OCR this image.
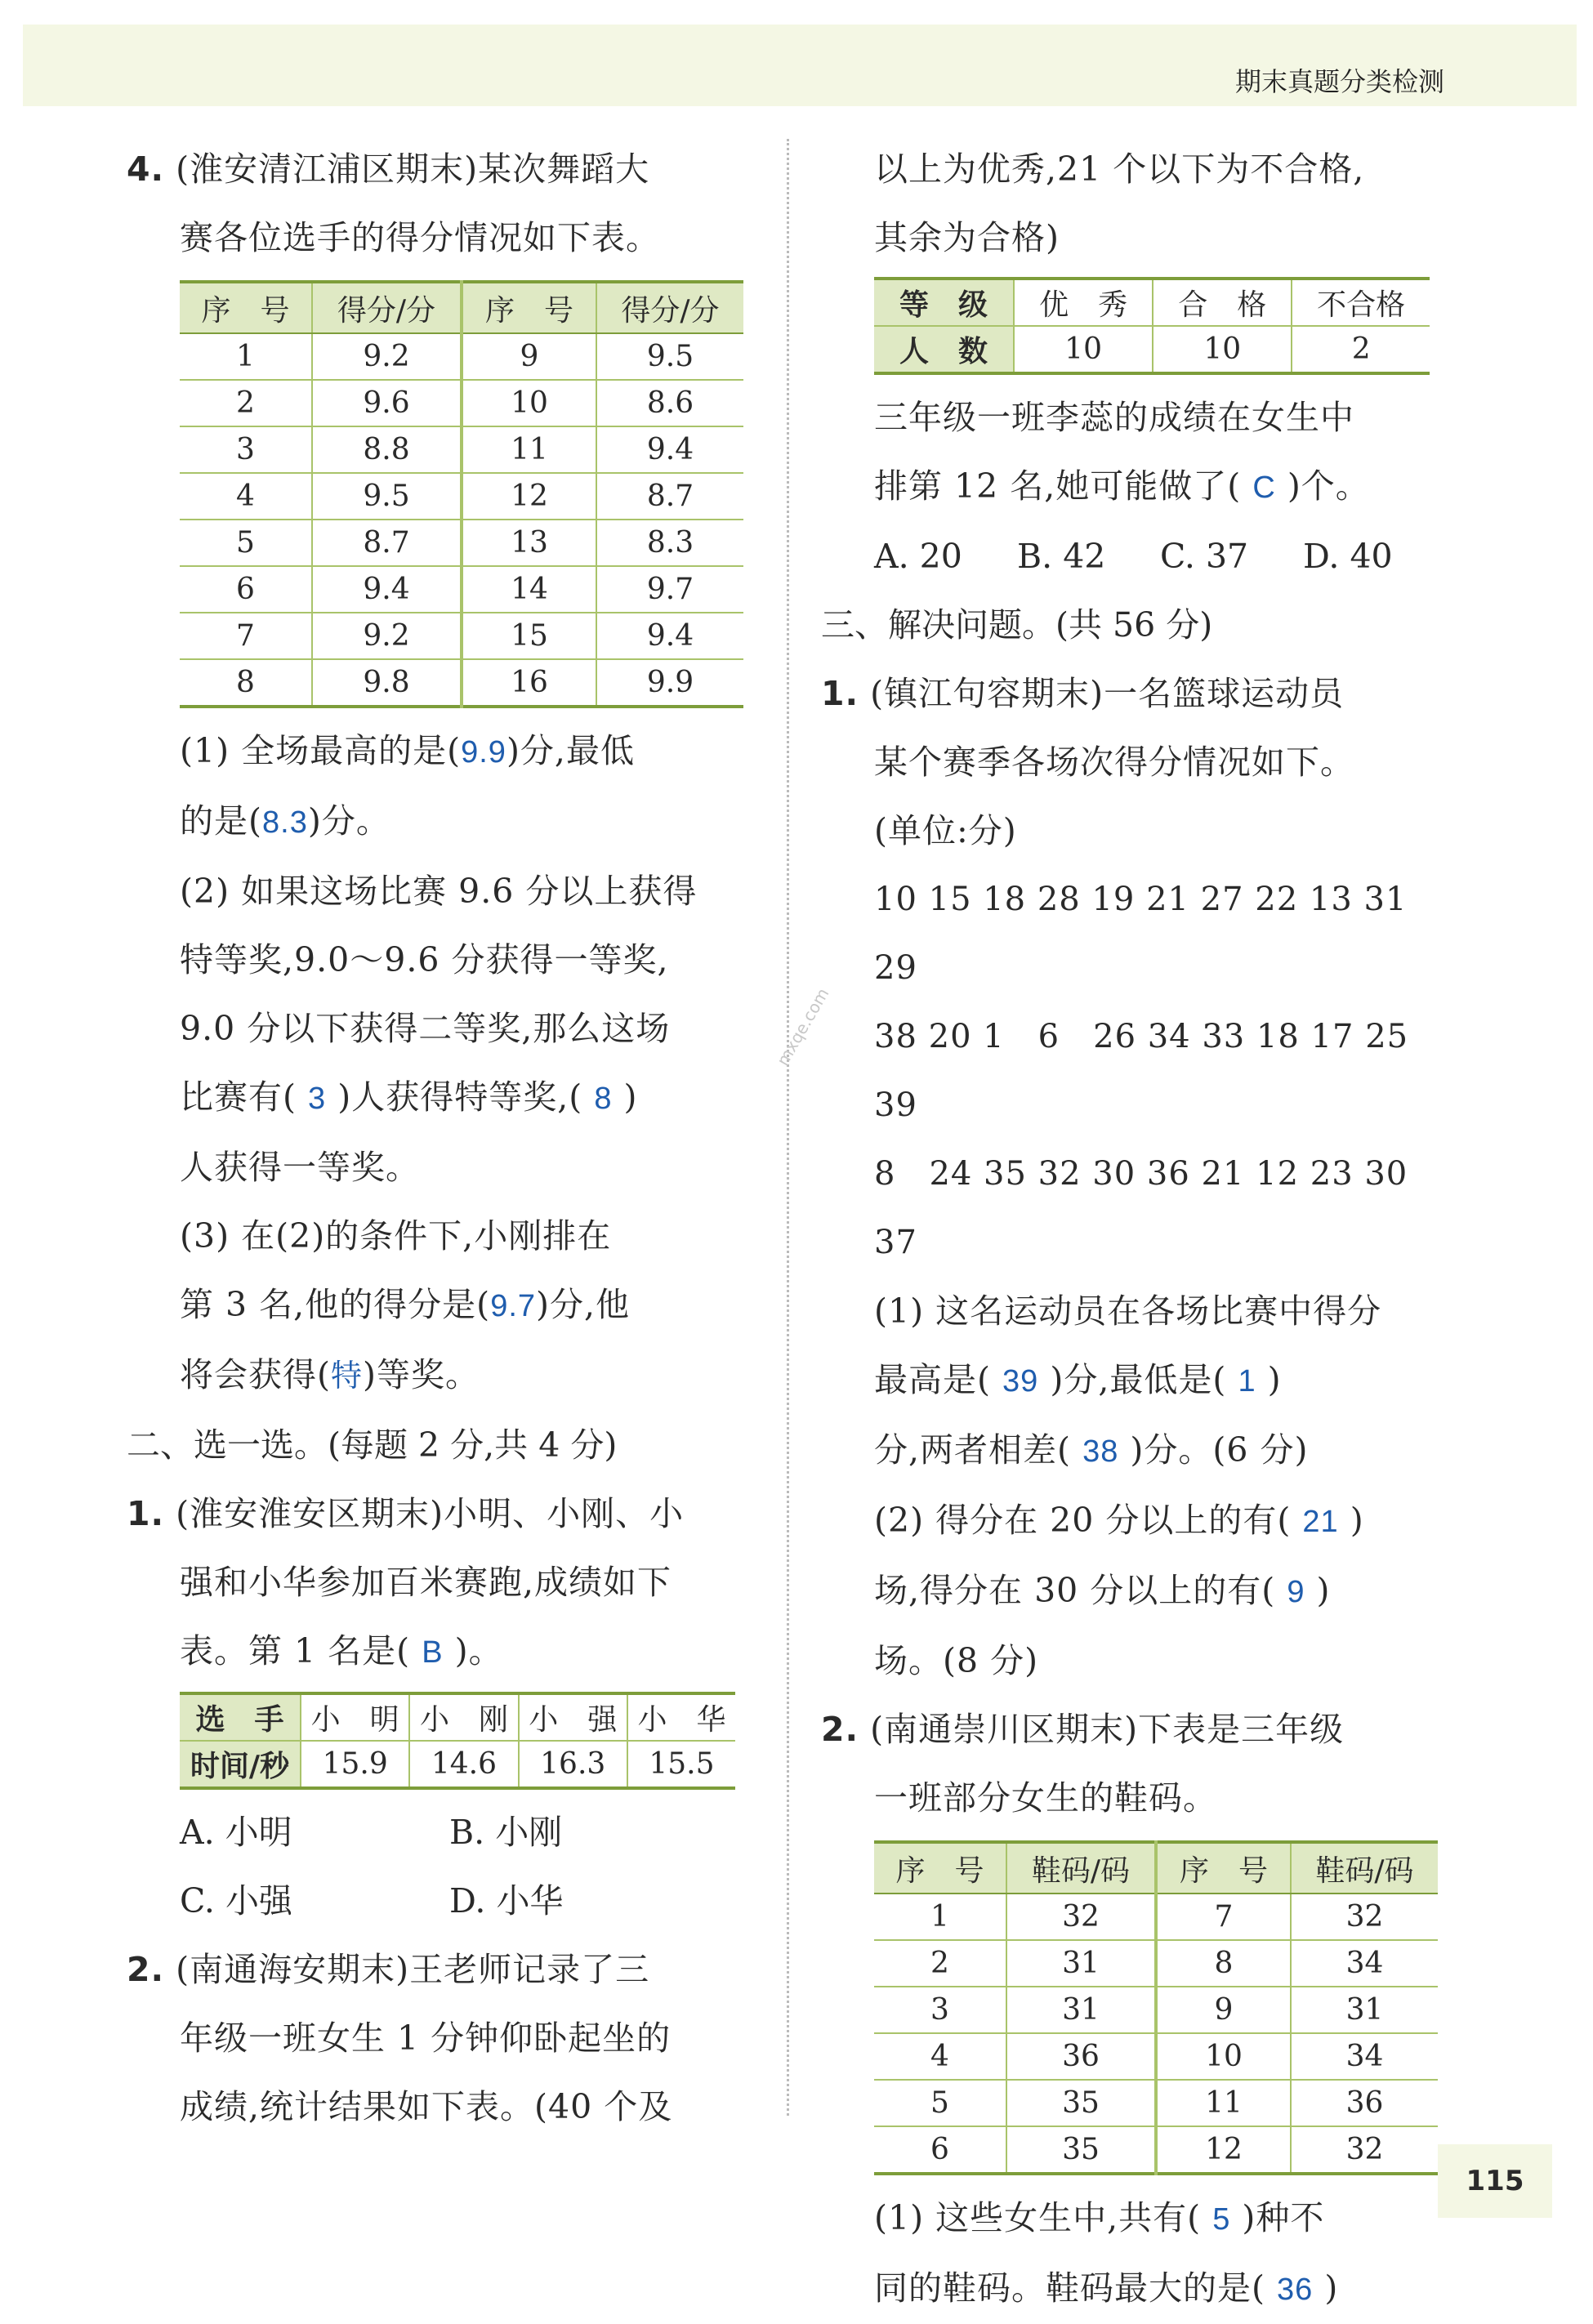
期末真题分类检测
mxqe.com

4. (淮安清江浦区期末)某次舞蹈大

赛各位选手的得分情况如下表。

序　号	得分/分	序　号	得分/分
1	9.2	9	9.5
2	9.6	10	8.6
3	8.8	11	9.4
4	9.5	12	8.7
5	8.7	13	8.3
6	9.4	14	9.7
7	9.2	15	9.4
8	9.8	16	9.9

(1) 全场最高的是(9.9)分,最低

的是(8.3)分。

(2) 如果这场比赛 9.6 分以上获得

特等奖,9.0～9.6 分获得一等奖,

9.0 分以下获得二等奖,那么这场

比赛有( 3 )人获得特等奖,( 8 )

人获得一等奖。

(3) 在(2)的条件下,小刚排在

第 3 名,他的得分是(9.7)分,他

将会获得(特)等奖。

二、选一选。(每题 2 分,共 4 分)

1. (淮安淮安区期末)小明、小刚、小

强和小华参加百米赛跑,成绩如下

表。第 1 名是( B )。

选　手	小　明	小　刚	小　强	小　华
时间/秒	15.9	14.6	16.3	15.5
A. 小明	B. 小刚
C. 小强	D. 小华

2. (南通海安期末)王老师记录了三

年级一班女生 1 分钟仰卧起坐的

成绩,统计结果如下表。(40 个及

以上为优秀,21 个以下为不合格,

其余为合格)

等　级	优　秀	合　格	不合格
人　数	10	10	2

三年级一班李蕊的成绩在女生中

排第 12 名,她可能做了( C )个。

A. 20	B. 42	C. 37	D. 40

三、解决问题。(共 56 分)

1. (镇江句容期末)一名篮球运动员

某个赛季各场次得分情况如下。

(单位:分)

10 15 18 28 19 21 27 22 13 31 29

38 20 1　6　26 34 33 18 17 25 39

8　24 35 32 30 36 21 12 23 30 37

(1) 这名运动员在各场比赛中得分

最高是( 39 )分,最低是( 1 )

分,两者相差( 38 )分。(6 分)

(2) 得分在 20 分以上的有( 21 )

场,得分在 30 分以上的有( 9 )

场。(8 分)

2. (南通崇川区期末)下表是三年级

一班部分女生的鞋码。

序　号	鞋码/码	序　号	鞋码/码
1	32	7	32
2	31	8	34
3	31	9	31
4	36	10	34
5	35	11	36
6	35	12	32

(1) 这些女生中,共有( 5 )种不

同的鞋码。鞋码最大的是( 36 )

115
